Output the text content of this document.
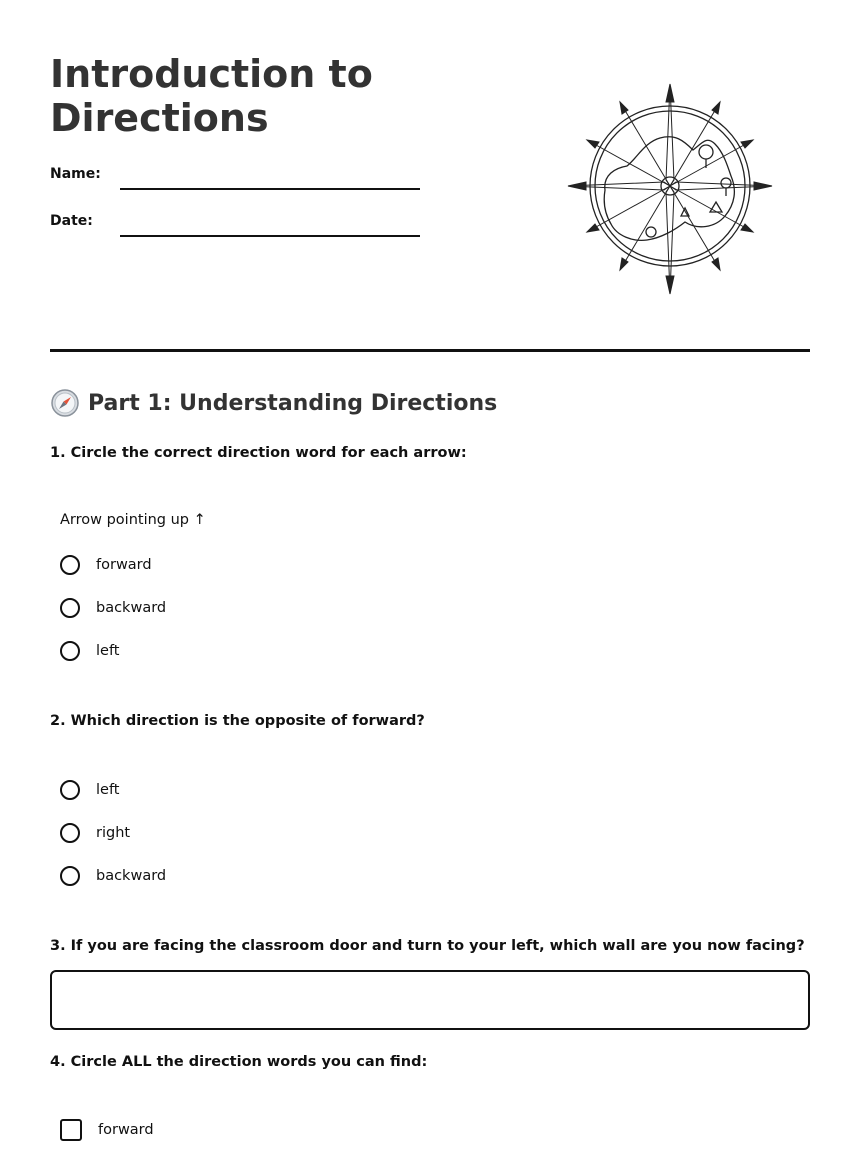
Introduction to Directions
Name:
Date:
Part 1: Understanding Directions

1. Circle the correct direction word for each arrow:

Arrow pointing up ↑
forward
backward
left

2. Which direction is the opposite of forward?

left
right
backward

3. If you are facing the classroom door and turn to your left, which wall are you now facing?

4. Circle ALL the direction words you can find:

forward
